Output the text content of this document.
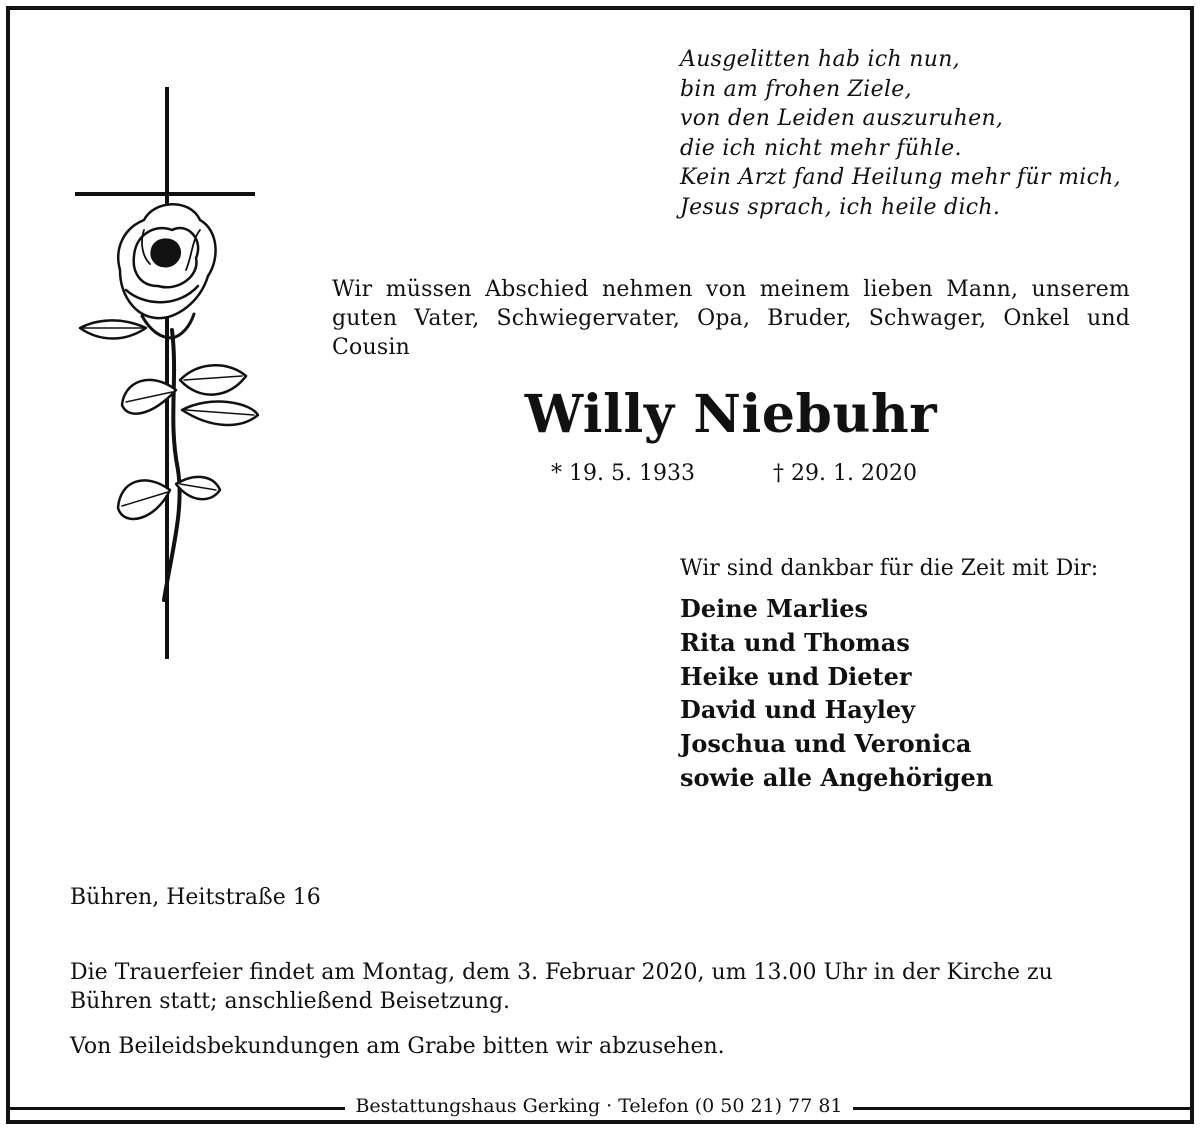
Ausgelitten hab ich nun,
bin am frohen Ziele,
von den Leiden auszuruhen,
die ich nicht mehr fühle.
Kein Arzt fand Heilung mehr für mich,
Jesus sprach, ich heile dich.
Wir müssen Abschied nehmen von meinem lieben Mann, unserem guten Vater, Schwiegervater, Opa, Bruder, Schwager, Onkel und Cousin
Willy Niebuhr
* 19. 5. 1933	† 29. 1. 2020
Wir sind dankbar für die Zeit mit Dir:
Deine Marlies
Rita und Thomas
Heike und Dieter
David und Hayley
Joschua und Veronica
sowie alle Angehörigen
Bühren, Heitstraße 16
Die Trauerfeier findet am Montag, dem 3. Februar 2020, um 13.00 Uhr in der Kirche zu Bühren statt; anschließend Beisetzung.
Von Beileidsbekundungen am Grabe bitten wir abzusehen.
Bestattungshaus Gerking · Telefon (0 50 21) 77 81
